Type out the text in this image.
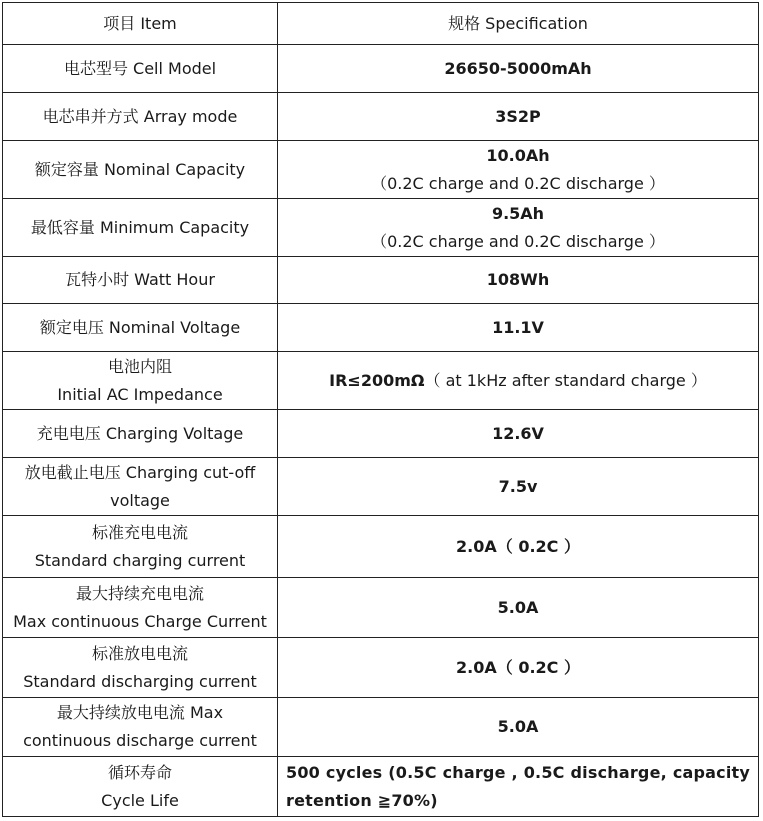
项目 Item	规格 Specification
电芯型号 Cell Model	26650-5000mAh
电芯串并方式 Array mode	3S2P
额定容量 Nominal Capacity	10.0Ah
（0.2C charge and 0.2C discharge ）

最低容量 Minimum Capacity	9.5Ah
（0.2C charge and 0.2C discharge ）

瓦特小时 Watt Hour	108Wh
额定电压 Nominal Voltage	11.1V

电池内阻
Initial AC Impedance	IR≤200mΩ（ at 1kHz after standard charge ）
充电电压 Charging Voltage	12.6V

放电截止电压 Charging cut-off
voltage	7.5v

标准充电电流
Standard charging current	2.0A（ 0.2C ）

最大持续充电电流
Max continuous Charge Current	5.0A

标准放电电流
Standard discharging current	2.0A（ 0.2C ）

最大持续放电电流 Max
continuous discharge current	5.0A

循环寿命
Cycle Life	500 cycles (0.5C charge , 0.5C discharge, capacity retention ≧70%)
